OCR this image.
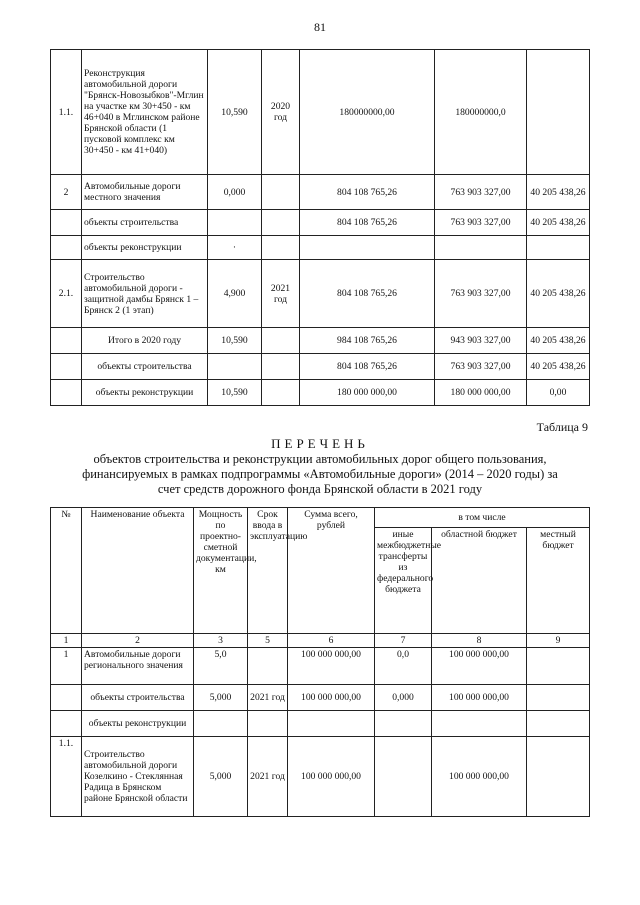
81
1.1.	Реконструкция автомобильной дороги "Брянск-Новозыбков"-Мглин на участке км 30+450 - км 46+040 в Мглинском районе Брянской области (1 пусковой комплекс км 30+450 - км 41+040)	10,590	2020 год	180000000,00	180000000,0	
2	Автомобильные дороги местного значения	0,000		804 108 765,26	763 903 327,00	40 205 438,26
	объекты строительства			804 108 765,26	763 903 327,00	40 205 438,26
	объекты реконструкции	·				
2.1.	Строительство автомобильной дороги - защитной дамбы Брянск 1 – Брянск 2 (1 этап)	4,900	2021 год	804 108 765,26	763 903 327,00	40 205 438,26
	Итого в 2020 году	10,590		984 108 765,26	943 903 327,00	40 205 438,26
	объекты строительства			804 108 765,26	763 903 327,00	40 205 438,26
	объекты реконструкции	10,590		180 000 000,00	180 000 000,00	0,00
Таблица 9
ПЕРЕЧЕНЬ
объектов строительства и реконструкции автомобильных дорог общего пользования,
финансируемых в рамках подпрограммы «Автомобильные дороги» (2014 – 2020 годы) за
счет средств дорожного фонда Брянской области в 2021 году
№	Наименование объекта	Мощность по проектно-сметной документации, км	Срок ввода в эксплуатацию	Сумма всего, рублей	в том числе		
					иные межбюджетные трансферты из федерального бюджета	областной бюджет	местный бюджет
1	2	3	5	6	7	8	9
1	Автомобильные дороги регионального значения	5,0		100 000 000,00	0,0	100 000 000,00	
	объекты строительства	5,000	2021 год	100 000 000,00	0,000	100 000 000,00	
	объекты реконструкции						
1.1.	Строительство автомобильной дороги Козелкино - Стеклянная Радица в Брянском районе Брянской области	5,000	2021 год	100 000 000,00		100 000 000,00	
